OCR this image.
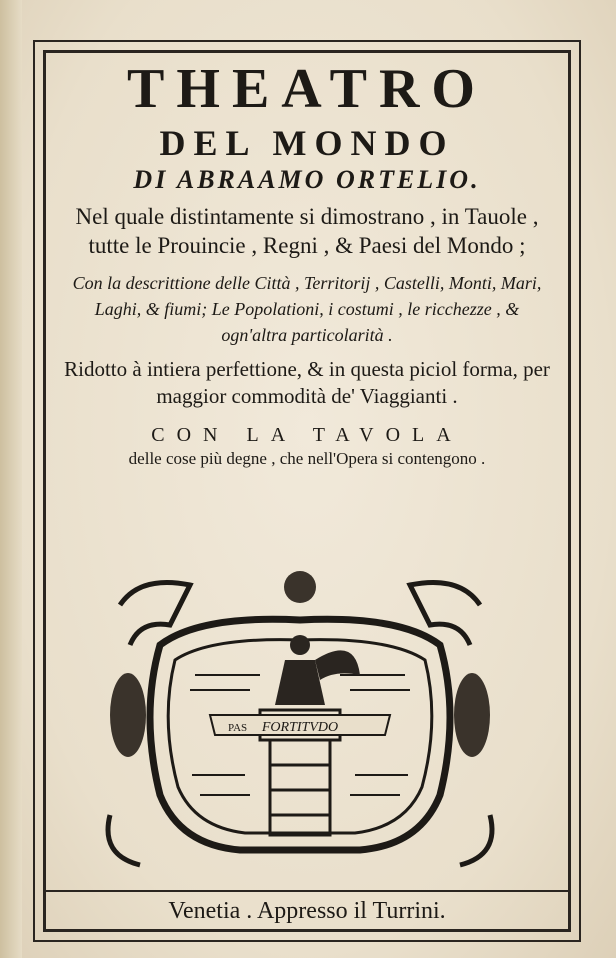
THEATRO
DEL MONDO
DI ABRAAMO ORTELIO.
Nel quale distintamente si dimostrano , in Tauole , tutte le Prouincie , Regni , & Paesi del Mondo ;
Con la descrittione delle Città , Territorij , Castelli, Monti, Mari, Laghi, & fiumi; Le Popolationi, i costumi , le ricchezze , & ogn'altra particolarità .
Ridotto à intiera perfettione, & in questa piciol forma, per maggior commodità de' Viaggianti .
CON LA TAVOLA
delle cose più degne , che nell'Opera si contengono .
PAS FORTITVDO
Venetia . Appresso il Turrini.
